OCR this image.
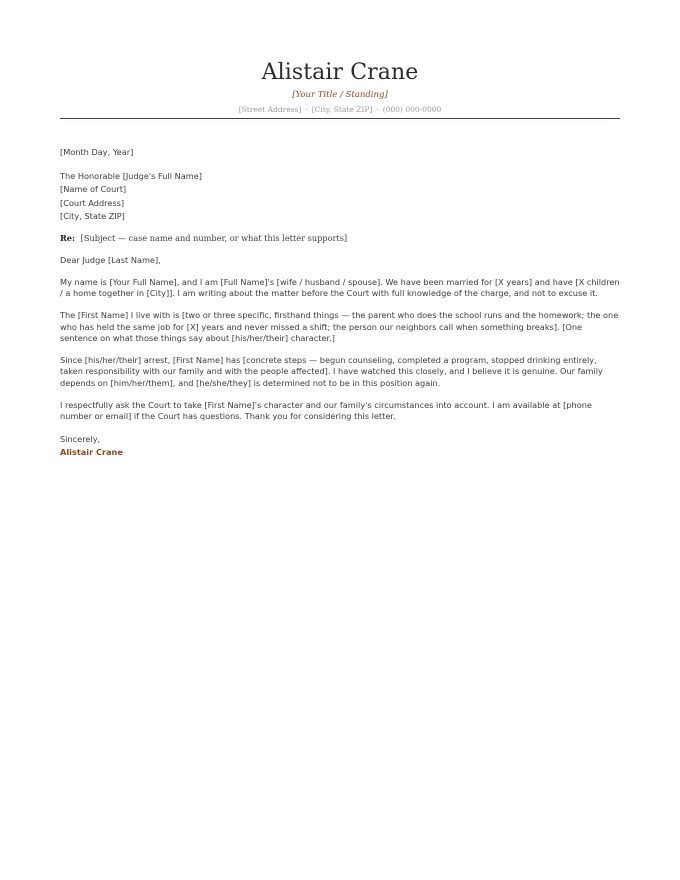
Alistair Crane
[Your Title / Standing]
[Street Address] · [City, State ZIP] · (000) 000-0000
[Month Day, Year]
The Honorable [Judge's Full Name]
[Name of Court]
[Court Address]
[City, State ZIP]
Re: [Subject — case name and number, or what this letter supports]
Dear Judge [Last Name],

My name is [Your Full Name], and I am [Full Name]'s [wife / husband / spouse]. We have been married for [X years] and have [X children / a home together in [City]]. I am writing about the matter before the Court with full knowledge of the charge, and not to excuse it.

The [First Name] I live with is [two or three specific, firsthand things — the parent who does the school runs and the homework; the one who has held the same job for [X] years and never missed a shift; the person our neighbors call when something breaks]. [One sentence on what those things say about [his/her/their] character.]

Since [his/her/their] arrest, [First Name] has [concrete steps — begun counseling, completed a program, stopped drinking entirely, taken responsibility with our family and with the people affected]. I have watched this closely, and I believe it is genuine. Our family depends on [him/her/them], and [he/she/they] is determined not to be in this position again.

I respectfully ask the Court to take [First Name]'s character and our family's circumstances into account. I am available at [phone number or email] if the Court has questions. Thank you for considering this letter.

Sincerely,
Alistair Crane
